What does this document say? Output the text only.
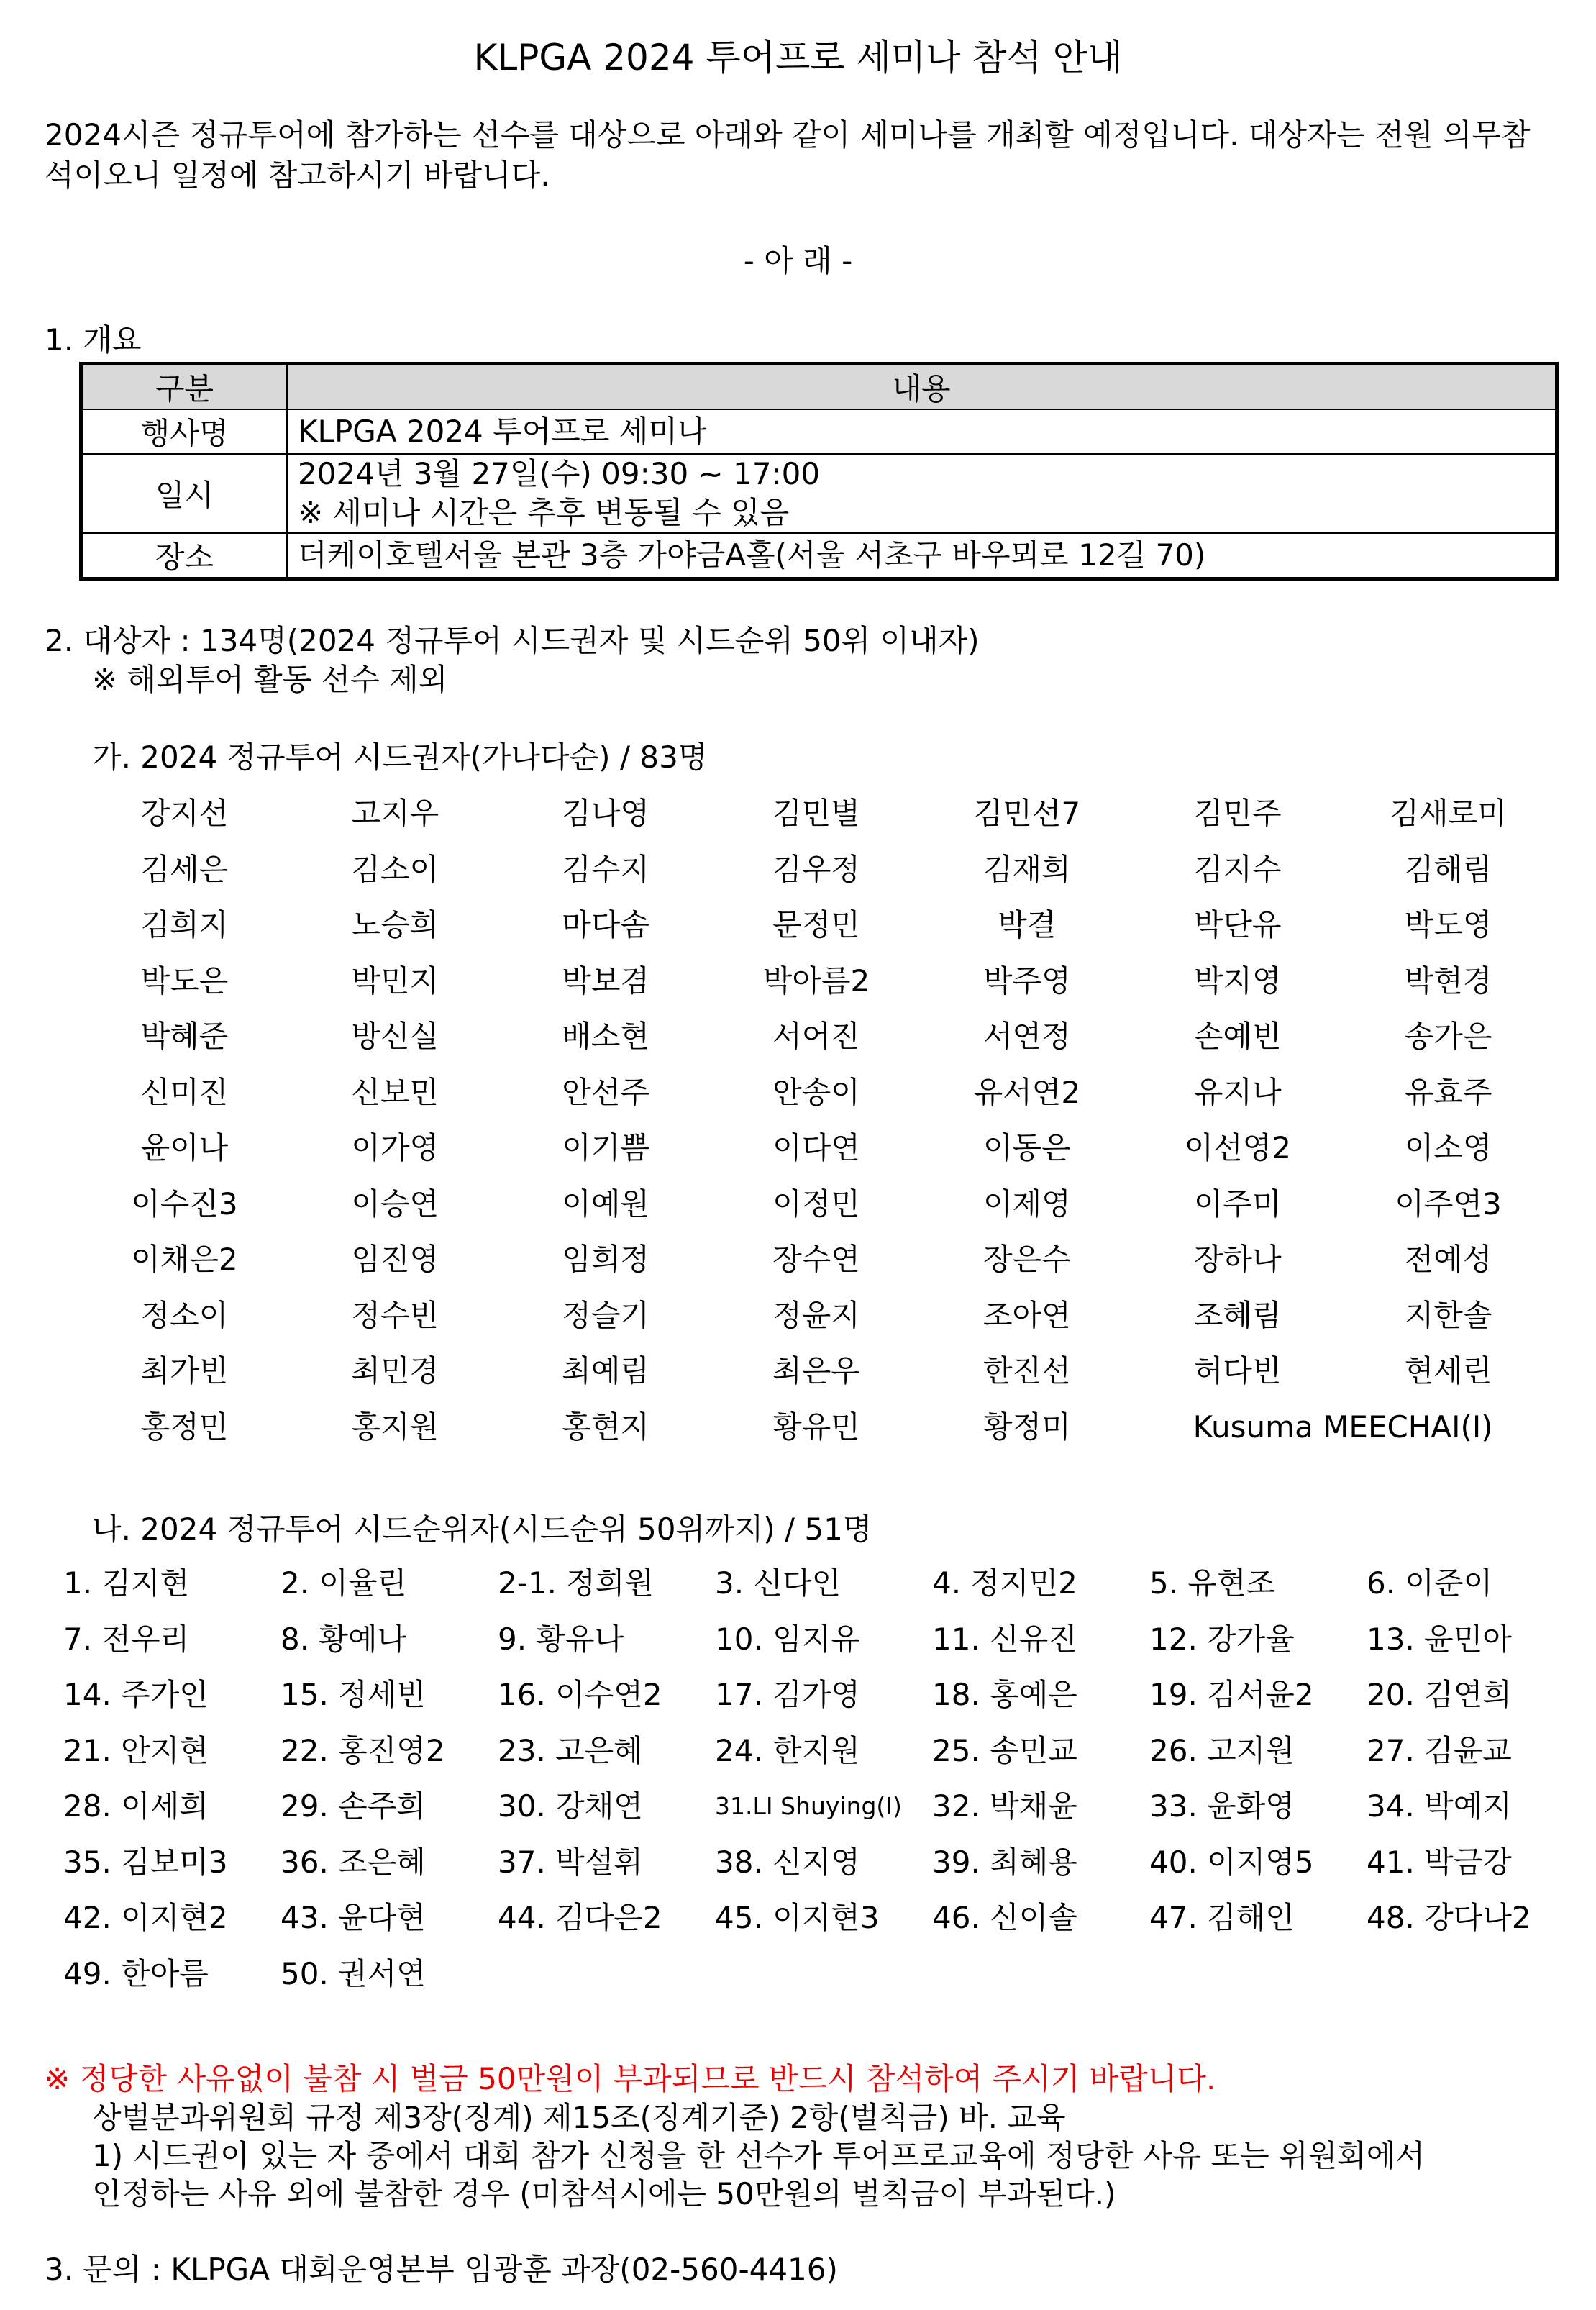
KLPGA 2024 투어프로 세미나 참석 안내
2024시즌 정규투어에 참가하는 선수를 대상으로 아래와 같이 세미나를 개최할 예정입니다. 대상자는 전원 의무참석이오니 일정에 참고하시기 바랍니다.
- 아 래 -
1. 개요
구분	내용
행사명	KLPGA 2024 투어프로 세미나
일시	2024년 3월 27일(수) 09:30 ~ 17:00
※ 세미나 시간은 추후 변동될 수 있음

장소	더케이호텔서울 본관 3층 가야금A홀(서울 서초구 바우뫼로 12길 70)
2. 대상자 : 134명(2024 정규투어 시드권자 및 시드순위 50위 이내자)
※ 해외투어 활동 선수 제외
가. 2024 정규투어 시드권자(가나다순) / 83명
강지선	고지우	김나영	김민별	김민선7	김민주	김새로미
김세은	김소이	김수지	김우정	김재희	김지수	김해림
김희지	노승희	마다솜	문정민	박결	박단유	박도영
박도은	박민지	박보겸	박아름2	박주영	박지영	박현경
박혜준	방신실	배소현	서어진	서연정	손예빈	송가은
신미진	신보민	안선주	안송이	유서연2	유지나	유효주
윤이나	이가영	이기쁨	이다연	이동은	이선영2	이소영
이수진3	이승연	이예원	이정민	이제영	이주미	이주연3
이채은2	임진영	임희정	장수연	장은수	장하나	전예성
정소이	정수빈	정슬기	정윤지	조아연	조혜림	지한솔
최가빈	최민경	최예림	최은우	한진선	허다빈	현세린
홍정민	홍지원	홍현지	황유민	황정미	Kusuma MEECHAI(I)
나. 2024 정규투어 시드순위자(시드순위 50위까지) / 51명
1. 김지현	2. 이율린	2-1. 정희원	3. 신다인	4. 정지민2	5. 유현조	6. 이준이
7. 전우리	8. 황예나	9. 황유나	10. 임지유	11. 신유진	12. 강가율	13. 윤민아
14. 주가인	15. 정세빈	16. 이수연2	17. 김가영	18. 홍예은	19. 김서윤2	20. 김연희
21. 안지현	22. 홍진영2	23. 고은혜	24. 한지원	25. 송민교	26. 고지원	27. 김윤교
28. 이세희	29. 손주희	30. 강채연	31.LI Shuying(I)	32. 박채윤	33. 윤화영	34. 박예지
35. 김보미3	36. 조은혜	37. 박설휘	38. 신지영	39. 최혜용	40. 이지영5	41. 박금강
42. 이지현2	43. 윤다현	44. 김다은2	45. 이지현3	46. 신이솔	47. 김해인	48. 강다나2
49. 한아름	50. 권서연
※ 정당한 사유없이 불참 시 벌금 50만원이 부과되므로 반드시 참석하여 주시기 바랍니다.
상벌분과위원회 규정 제3장(징계) 제15조(징계기준) 2항(벌칙금) 바. 교육
1) 시드권이 있는 자 중에서 대회 참가 신청을 한 선수가 투어프로교육에 정당한 사유 또는 위원회에서
인정하는 사유 외에 불참한 경우 (미참석시에는 50만원의 벌칙금이 부과된다.)
3. 문의 : KLPGA 대회운영본부 임광훈 과장(02-560-4416)
